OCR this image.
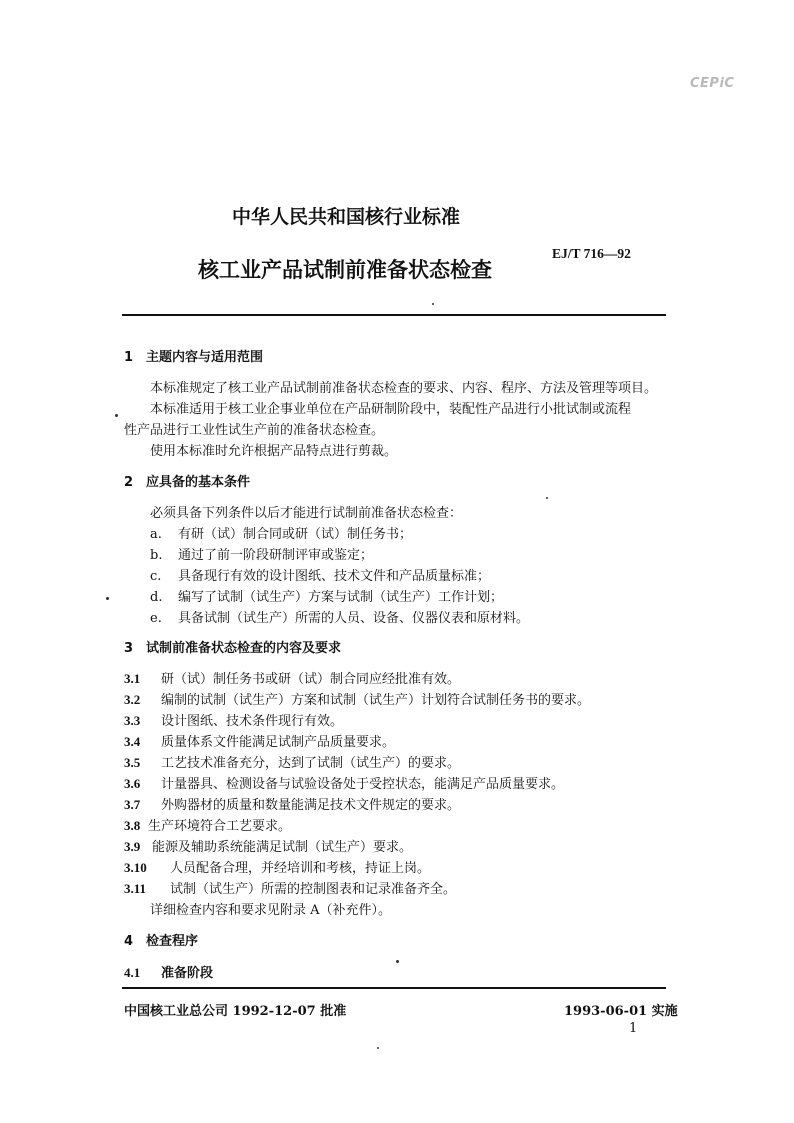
CEPiC
中华人民共和国核行业标准
核工业产品试制前准备状态检查
EJ/T 716—92
1 主题内容与适用范围
本标准规定了核工业产品试制前准备状态检查的要求、内容、程序、方法及管理等项目。
本标准适用于核工业企事业单位在产品研制阶段中，装配性产品进行小批试制或流程
性产品进行工业性试生产前的准备状态检查。
使用本标准时允许根据产品特点进行剪裁。
2 应具备的基本条件
必须具备下列条件以后才能进行试制前准备状态检查：
a. 有研（试）制合同或研（试）制任务书；
b. 通过了前一阶段研制评审或鉴定；
c. 具备现行有效的设计图纸、技术文件和产品质量标准；
d. 编写了试制（试生产）方案与试制（试生产）工作计划；
e. 具备试制（试生产）所需的人员、设备、仪器仪表和原材料。
3 试制前准备状态检查的内容及要求
3.1 研（试）制任务书或研（试）制合同应经批准有效。
3.2 编制的试制（试生产）方案和试制（试生产）计划符合试制任务书的要求。
3.3 设计图纸、技术条件现行有效。
3.4 质量体系文件能满足试制产品质量要求。
3.5 工艺技术准备充分，达到了试制（试生产）的要求。
3.6 计量器具、检测设备与试验设备处于受控状态，能满足产品质量要求。
3.7 外购器材的质量和数量能满足技术文件规定的要求。
3.8 生产环境符合工艺要求。
3.9 能源及辅助系统能满足试制（试生产）要求。
3.10 人员配备合理，并经培训和考核，持证上岗。
3.11 试制（试生产）所需的控制图表和记录准备齐全。
详细检查内容和要求见附录 A（补充件）。
4 检查程序
4.1 准备阶段
中国核工业总公司 1992-12-07 批准	1993-06-01 实施
1
